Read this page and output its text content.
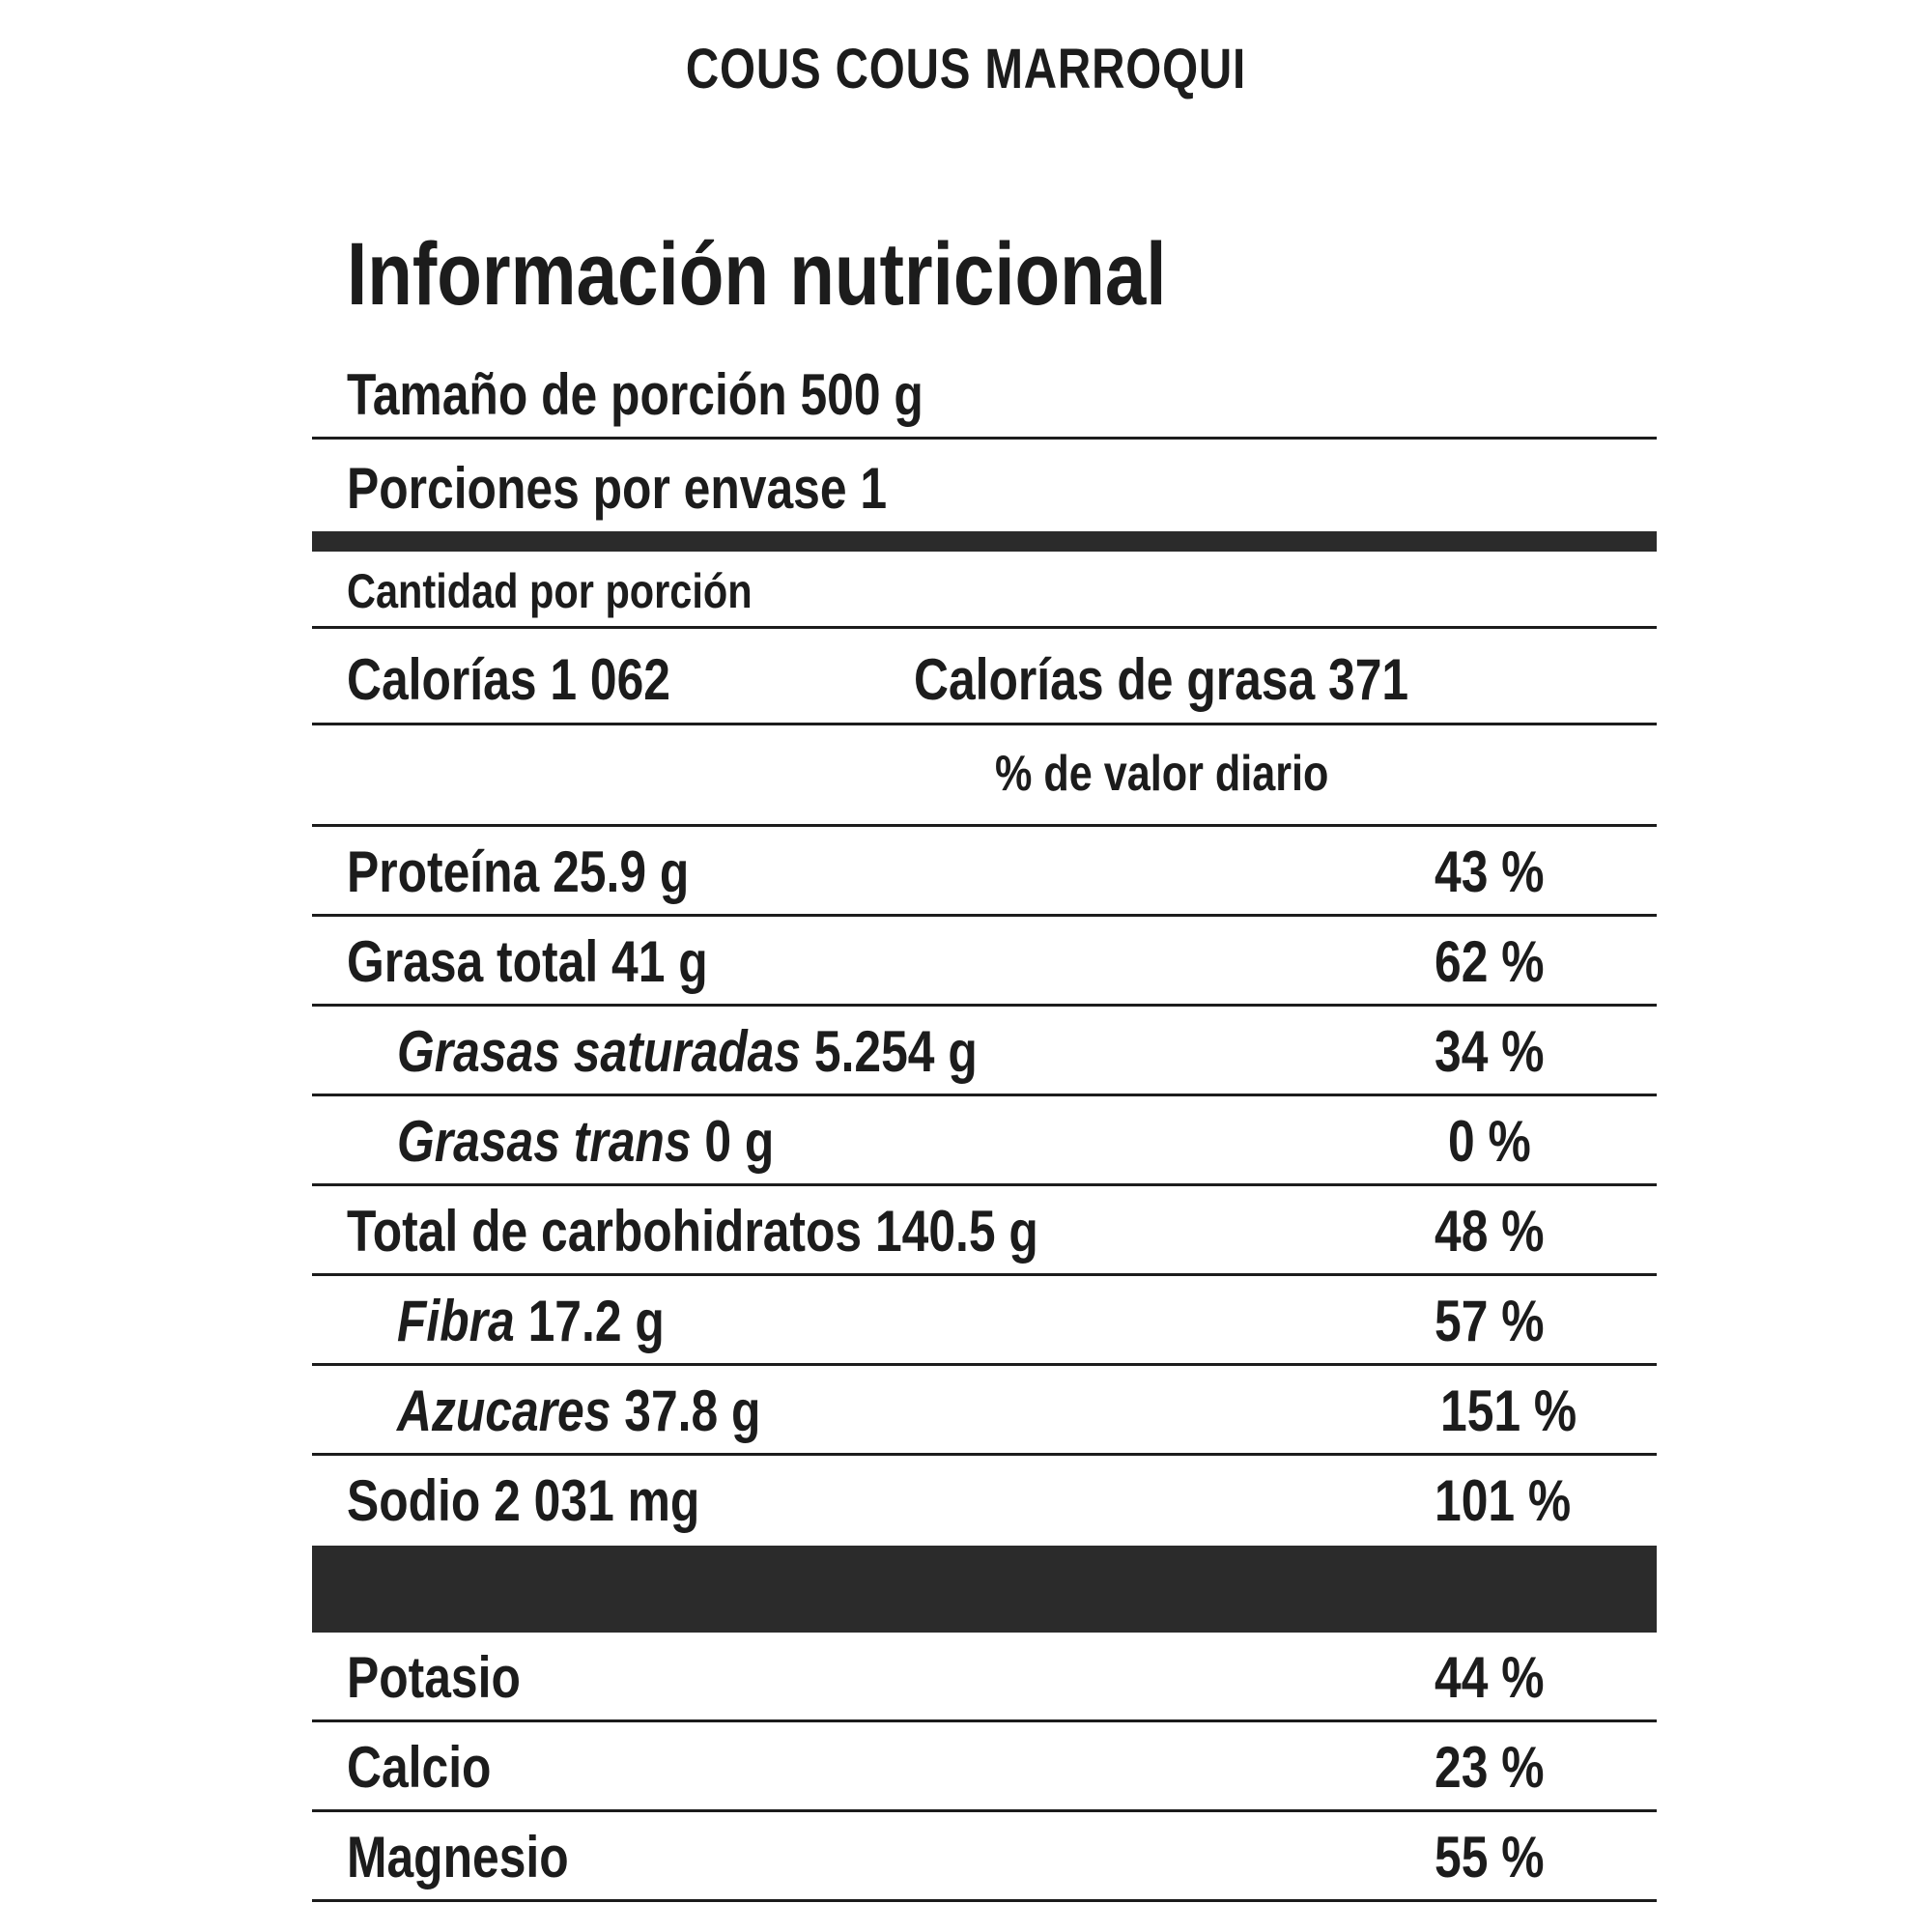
COUS COUS MARROQUI
Información nutricional
Tamaño de porción 500 g
Porciones por envase 1
Cantidad por porción
Calorías 1 062	Calorías de grasa 371
% de valor diario
Proteína 25.9 g	43 %
Grasa total 41 g	62 %
Grasas saturadas 5.254 g	34 %
Grasas trans 0 g	0 %
Total de carbohidratos 140.5 g	48 %
Fibra 17.2 g	57 %
Azucares 37.8 g	151 %
Sodio 2 031 mg	101 %
Potasio	44 %
Calcio	23 %
Magnesio	55 %
